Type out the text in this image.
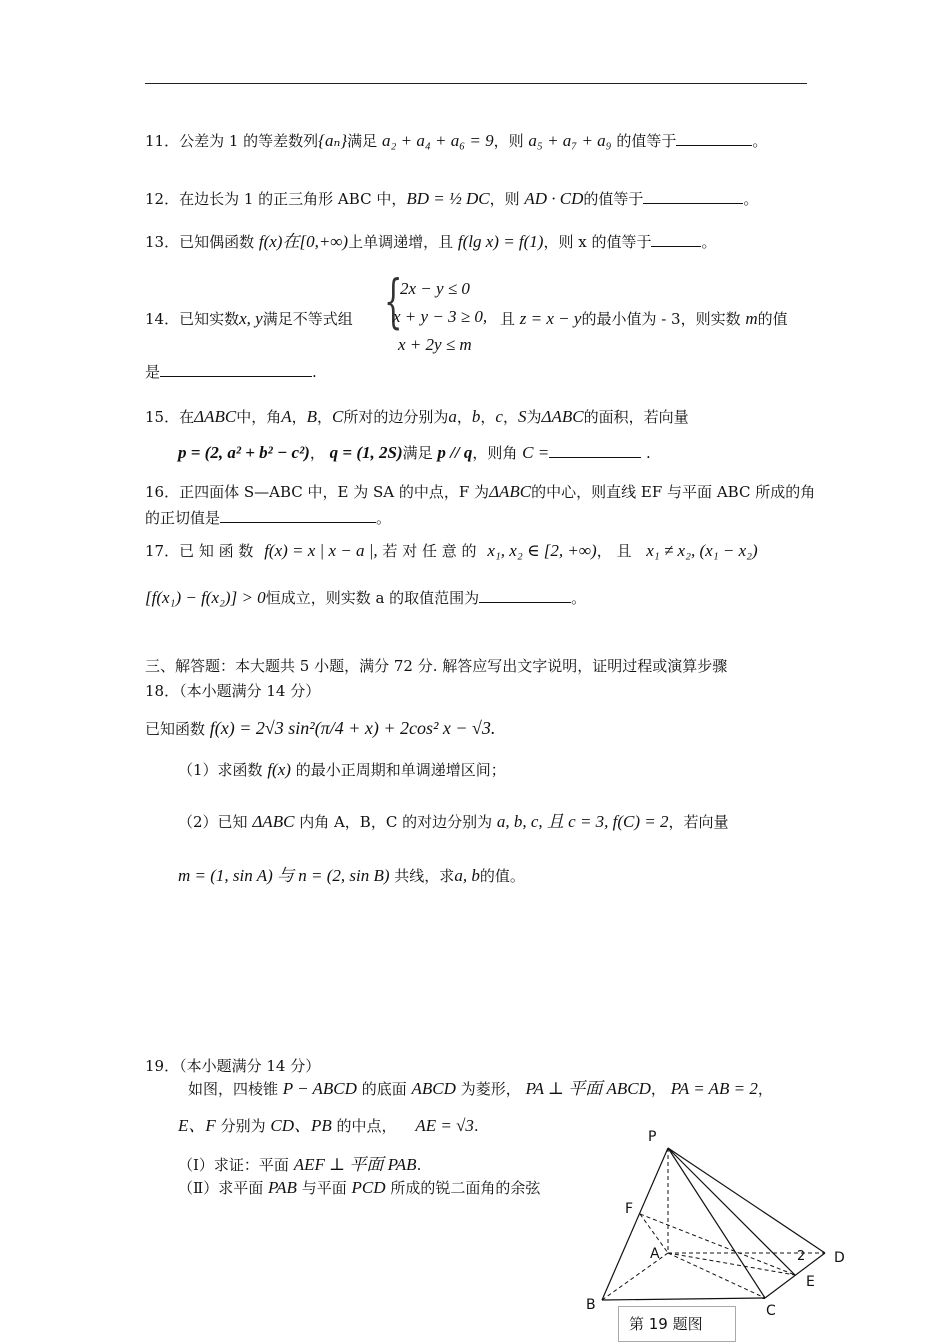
11．公差为 1 的等差数列{aₙ}满足 a₂ + a₄ + a₆ = 9，则 a₅ + a₇ + a₉ 的值等于	。
12．在边长为 1 的正三角形 ABC 中，BD = ½ DC，则 AD · CD的值等于	。
13．已知偶函数 f(x)在[0,+∞)上单调递增，且 f(lg x) = f(1)，则 x 的值等于	。
14．已知实数x, y满足不等式组 {
2x − y ≤ 0
x + y − 3 ≥ 0,
x + 2y ≤ m
且 z = x − y的最小值为 - 3，则实数 m的值
是	.
15．在ΔABC中，角A，B，C所对的边分别为a，b，c，S为ΔABC的面积，若向量
p = (2, a² + b² − c²)， q = (1, 2S)满足 p // q，则角 C =	.
16．正四面体 S—ABC 中，E 为 SA 的中点，F 为ΔABC的中心，则直线 EF 与平面 ABC 所成的角
的正切值是	。
17．已 知 函 数 f(x) = x | x − a |, 若 对 任 意 的 x₁, x₂ ∈ [2, +∞)， 且 x₁ ≠ x₂, (x₁ − x₂)
[f(x₁) − f(x₂)] > 0恒成立，则实数 a 的取值范围为	。
三、解答题：本大题共 5 小题，满分 72 分. 解答应写出文字说明，证明过程或演算步骤
18．（本小题满分 14 分）
已知函数 f(x) = 2√3 sin²(π/4 + x) + 2cos² x − √3.
（1）求函数 f(x) 的最小正周期和单调递增区间；
（2）已知 ΔABC 内角 A，B，C 的对边分别为 a, b, c, 且 c = 3, f(C) = 2，若向量
m = (1, sin A) 与 n = (2, sin B) 共线，求a, b的值。
19．（本小题满分 14 分）
如图，四棱锥 P − ABCD 的底面 ABCD 为菱形， PA ⊥ 平面 ABCD， PA = AB = 2，
E、F 分别为 CD、PB 的中点， AE = √3.
（Ⅰ）求证：平面 AEF ⊥ 平面 PAB.
（Ⅱ）求平面 PAB 与平面 PCD 所成的锐二面角的余弦
P
F
A
B	C
D
E
2
第 19 题图
